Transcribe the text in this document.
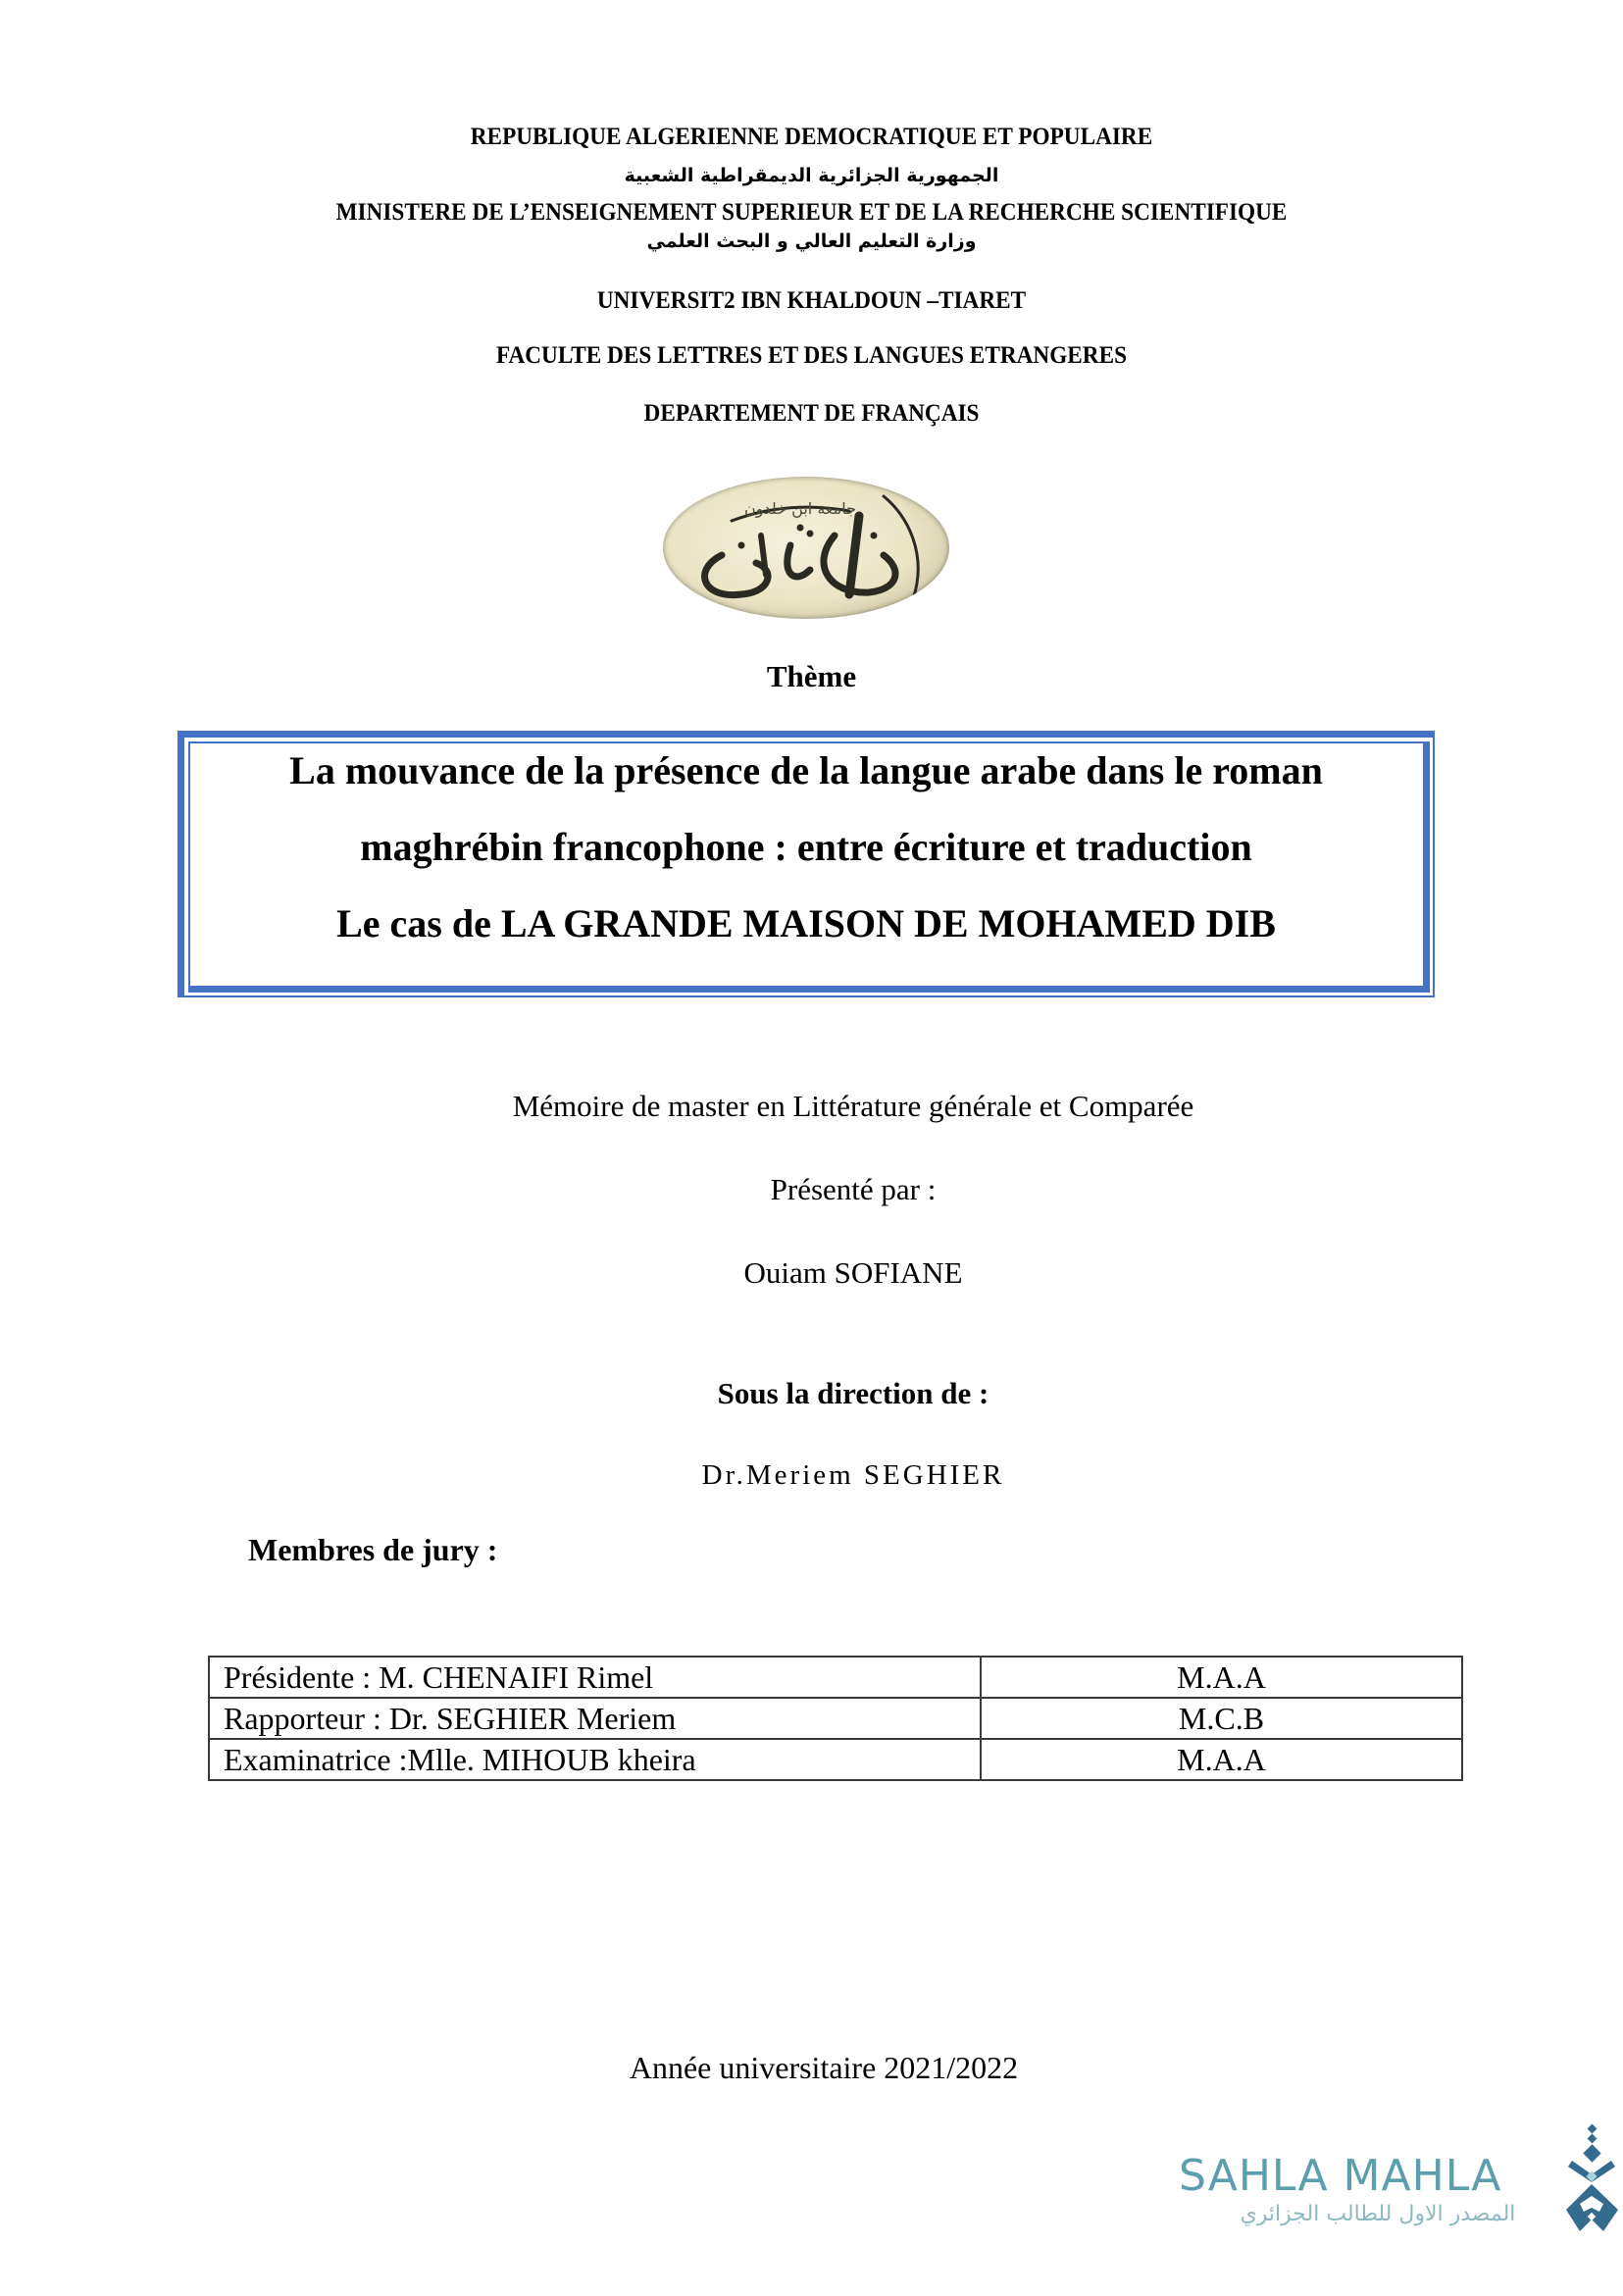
REPUBLIQUE ALGERIENNE DEMOCRATIQUE ET POPULAIRE
الجمهورية الجزائرية الديمقراطية الشعبية
MINISTERE DE L’ENSEIGNEMENT SUPERIEUR ET DE LA RECHERCHE SCIENTIFIQUE
وزارة التعليم العالي و البحث العلمي
UNIVERSIT2 IBN KHALDOUN –TIARET
FACULTE DES LETTRES ET DES LANGUES ETRANGERES
DEPARTEMENT DE FRANÇAIS
جامعة ابن خلدون
Thème
La mouvance de la présence de la langue arabe dans le roman
maghrébin francophone : entre écriture et traduction
Le cas de LA GRANDE MAISON DE MOHAMED DIB
Mémoire de master en Littérature générale et Comparée
Présenté par :
Ouiam SOFIANE
Sous la direction de :
Dr.Meriem SEGHIER
Membres de jury :
Présidente : M. CHENAIFI Rimel	M.A.A
Rapporteur : Dr. SEGHIER Meriem	M.C.B
Examinatrice :Mlle. MIHOUB kheira	M.A.A
Année universitaire 2021/2022
SAHLA MAHLA
المصدر الاول للطالب الجزائري
